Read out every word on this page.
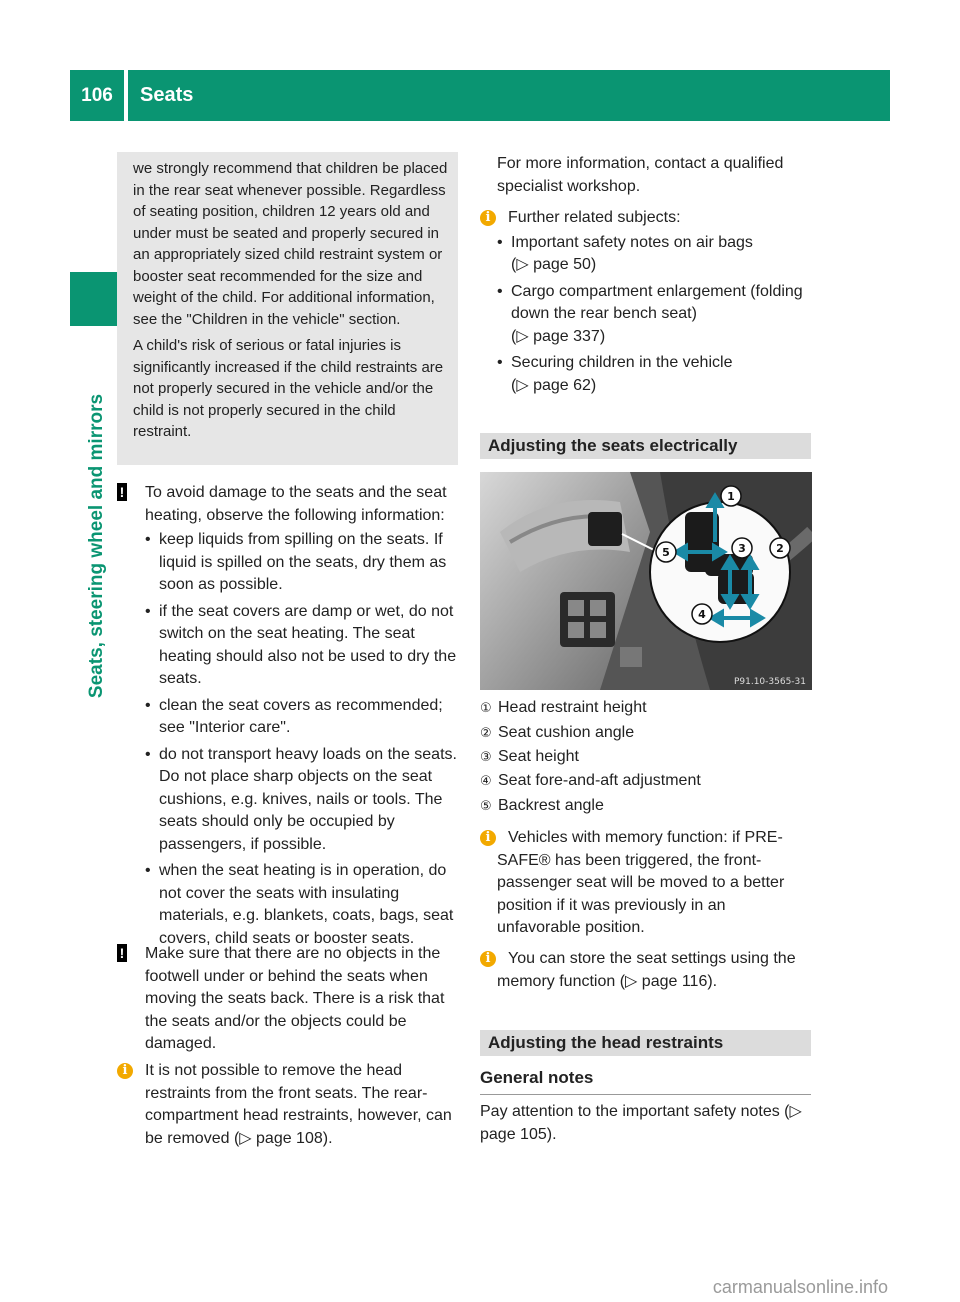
106	Seats
Seats, steering wheel and mirrors

we strongly recommend that children be placed in the rear seat whenever possible. Regardless of seating position, children 12 years old and under must be seated and properly secured in an appropriately sized child restraint system or booster seat recommended for the size and weight of the child. For additional information, see the "Children in the vehicle" section.

A child's risk of serious or fatal injuries is significantly increased if the child restraints are not properly secured in the vehicle and/or the child is not properly secured in the child restraint.

!	To avoid damage to the seats and the seat heating, observe the following information:

• keep liquids from spilling on the seats. If liquid is spilled on the seats, dry them as soon as possible.
• if the seat covers are damp or wet, do not switch on the seat heating. The seat heating should also not be used to dry the seats.
• clean the seat covers as recommended; see "Interior care".
• do not transport heavy loads on the seats. Do not place sharp objects on the seat cushions, e.g. knives, nails or tools. The seats should only be occupied by passengers, if possible.
• when the seat heating is in operation, do not cover the seats with insulating materials, e.g. blankets, coats, bags, seat covers, child seats or booster seats.
!	Make sure that there are no objects in the footwell under or behind the seats when moving the seats back. There is a risk that the seats and/or the objects could be damaged.

i	It is not possible to remove the head restraints from the front seats. The rear-compartment head restraints, however, can be removed (▷ page 108).

For more information, contact a qualified specialist workshop.
i	Further related subjects:

• Important safety notes on air bags
(▷ page 50)
• Cargo compartment enlargement (folding down the rear bench seat)
(▷ page 337)
• Securing children in the vehicle
(▷ page 62)
Adjusting the seats electrically
1
2
3
4
5
P91.10-3565-31
① Head restraint height
② Seat cushion angle
③ Seat height
④ Seat fore-and-aft adjustment
⑤ Backrest angle
i	Vehicles with memory function: if PRE-SAFE® has been triggered, the front-passenger seat will be moved to a better position if it was previously in an unfavorable position.

i	You can store the seat settings using the memory function (▷ page 116).

Adjusting the head restraints
General notes
Pay attention to the important safety notes (▷ page 105).
carmanualsonline.info
